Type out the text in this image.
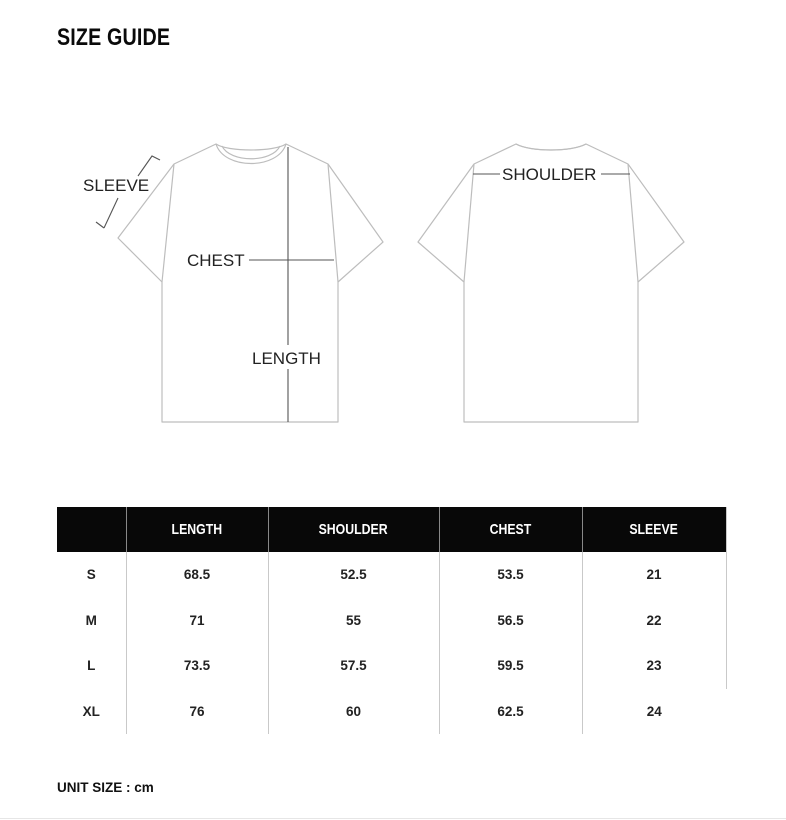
SIZE GUIDE
SLEEVE
CHEST
LENGTH
SHOULDER
	LENGTH	SHOULDER	CHEST	SLEEVE
S	68.5	52.5	53.5	21
M	71	55	56.5	22
L	73.5	57.5	59.5	23
XL	76	60	62.5	24
UNIT SIZE : cm
